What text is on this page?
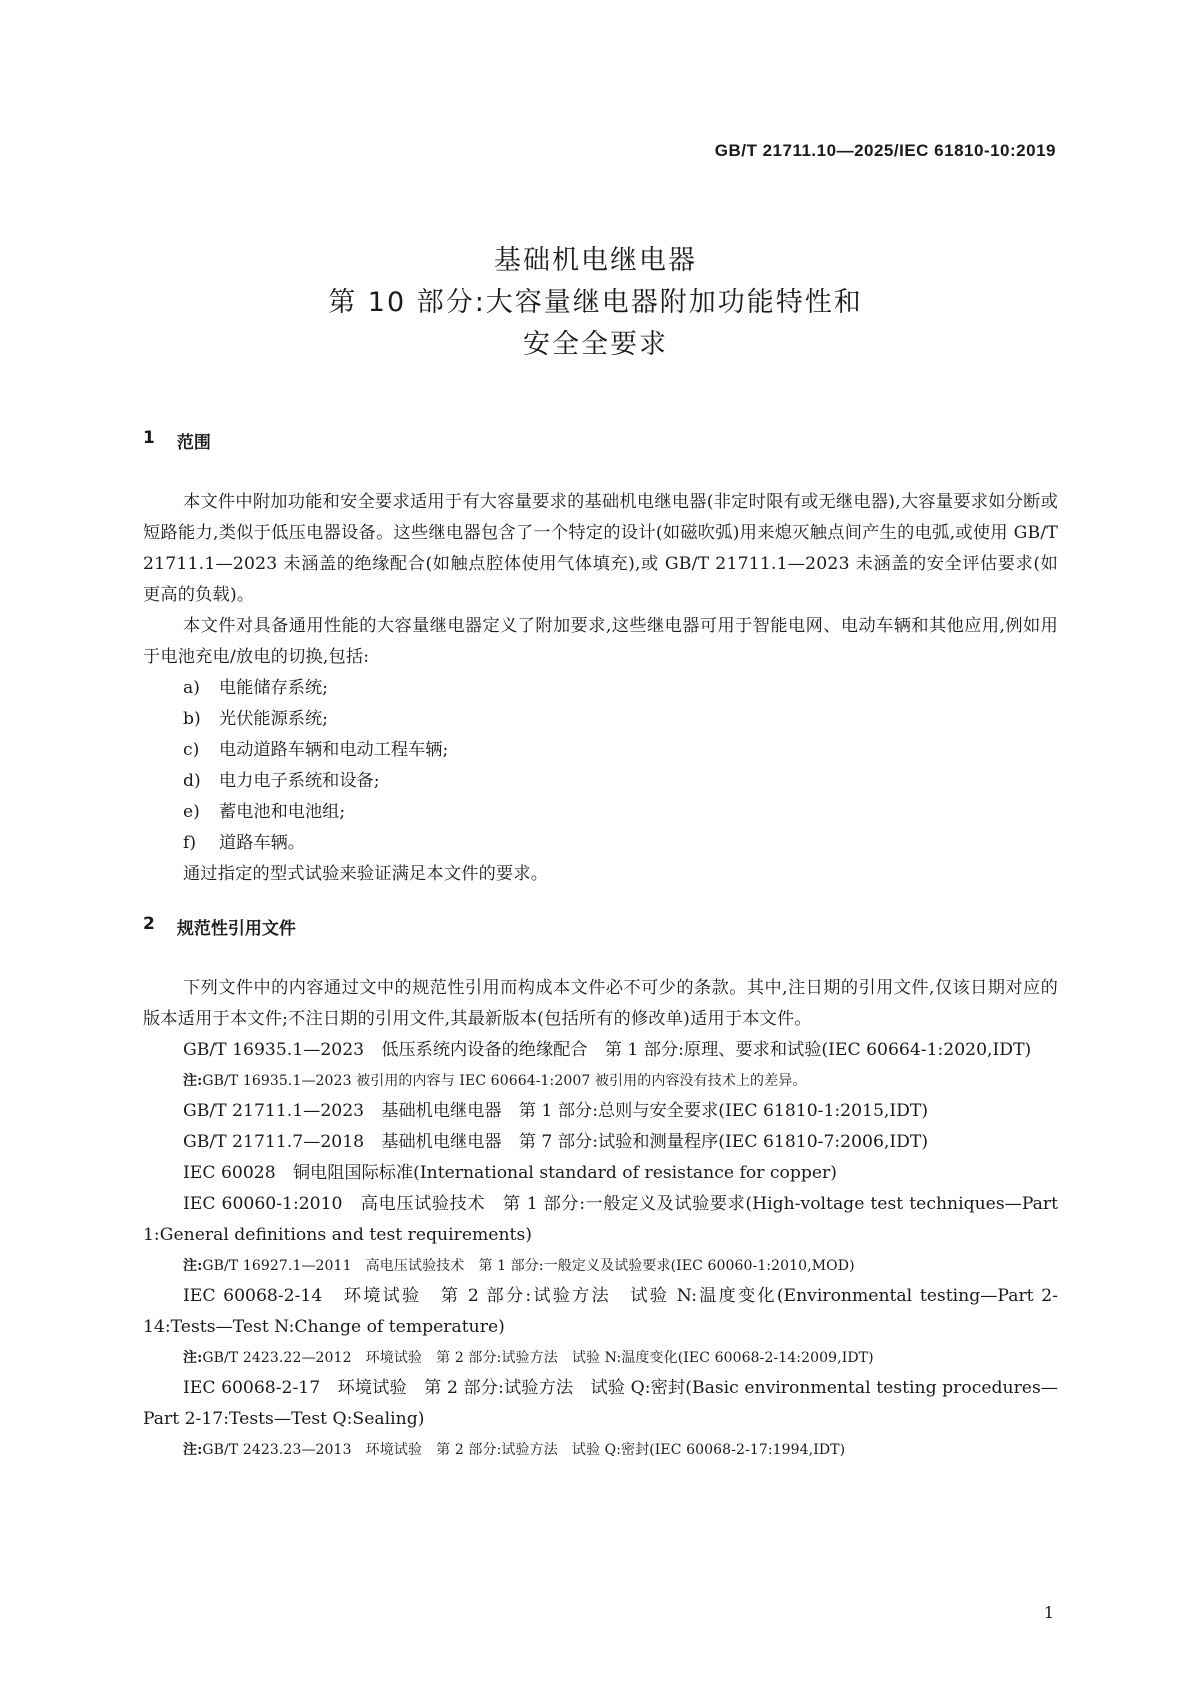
GB/T 21711.10—2025/IEC 61810-10:2019
基础机电继电器
第 10 部分:大容量继电器附加功能特性和
安全全要求
1 范围

本文件中附加功能和安全要求适用于有大容量要求的基础机电继电器(非定时限有或无继电器),大容量要求如分断或短路能力,类似于低压电器设备。这些继电器包含了一个特定的设计(如磁吹弧)用来熄灭触点间产生的电弧,或使用 GB/T 21711.1—2023 未涵盖的绝缘配合(如触点腔体使用气体填充),或 GB/T 21711.1—2023 未涵盖的安全评估要求(如更高的负载)。

本文件对具备通用性能的大容量继电器定义了附加要求,这些继电器可用于智能电网、电动车辆和其他应用,例如用于电池充电/放电的切换,包括:

a) 电能储存系统;
b) 光伏能源系统;
c) 电动道路车辆和电动工程车辆;
d) 电力电子系统和设备;
e) 蓄电池和电池组;
f)	道路车辆。

通过指定的型式试验来验证满足本文件的要求。

2 规范性引用文件

下列文件中的内容通过文中的规范性引用而构成本文件必不可少的条款。其中,注日期的引用文件,仅该日期对应的版本适用于本文件;不注日期的引用文件,其最新版本(包括所有的修改单)适用于本文件。

GB/T 16935.1—2023　低压系统内设备的绝缘配合　第 1 部分:原理、要求和试验(IEC 60664-1:2020,IDT)

注:GB/T 16935.1—2023 被引用的内容与 IEC 60664-1:2007 被引用的内容没有技术上的差异。

GB/T 21711.1—2023　基础机电继电器　第 1 部分:总则与安全要求(IEC 61810-1:2015,IDT)

GB/T 21711.7—2018　基础机电继电器　第 7 部分:试验和测量程序(IEC 61810-7:2006,IDT)

IEC 60028　铜电阻国际标准(International standard of resistance for copper)

IEC 60060-1:2010　高电压试验技术　第 1 部分:一般定义及试验要求(High-voltage test techniques—Part 1:General definitions and test requirements)

注:GB/T 16927.1—2011　高电压试验技术　第 1 部分:一般定义及试验要求(IEC 60060-1:2010,MOD)

IEC 60068-2-14　环境试验　第 2 部分:试验方法　试验 N:温度变化(Environmental testing—Part 2-14:Tests—Test N:Change of temperature)

注:GB/T 2423.22—2012　环境试验　第 2 部分:试验方法　试验 N:温度变化(IEC 60068-2-14:2009,IDT)

IEC 60068-2-17　环境试验　第 2 部分:试验方法　试验 Q:密封(Basic environmental testing procedures—Part 2-17:Tests—Test Q:Sealing)

注:GB/T 2423.23—2013　环境试验　第 2 部分:试验方法　试验 Q:密封(IEC 60068-2-17:1994,IDT)

1
